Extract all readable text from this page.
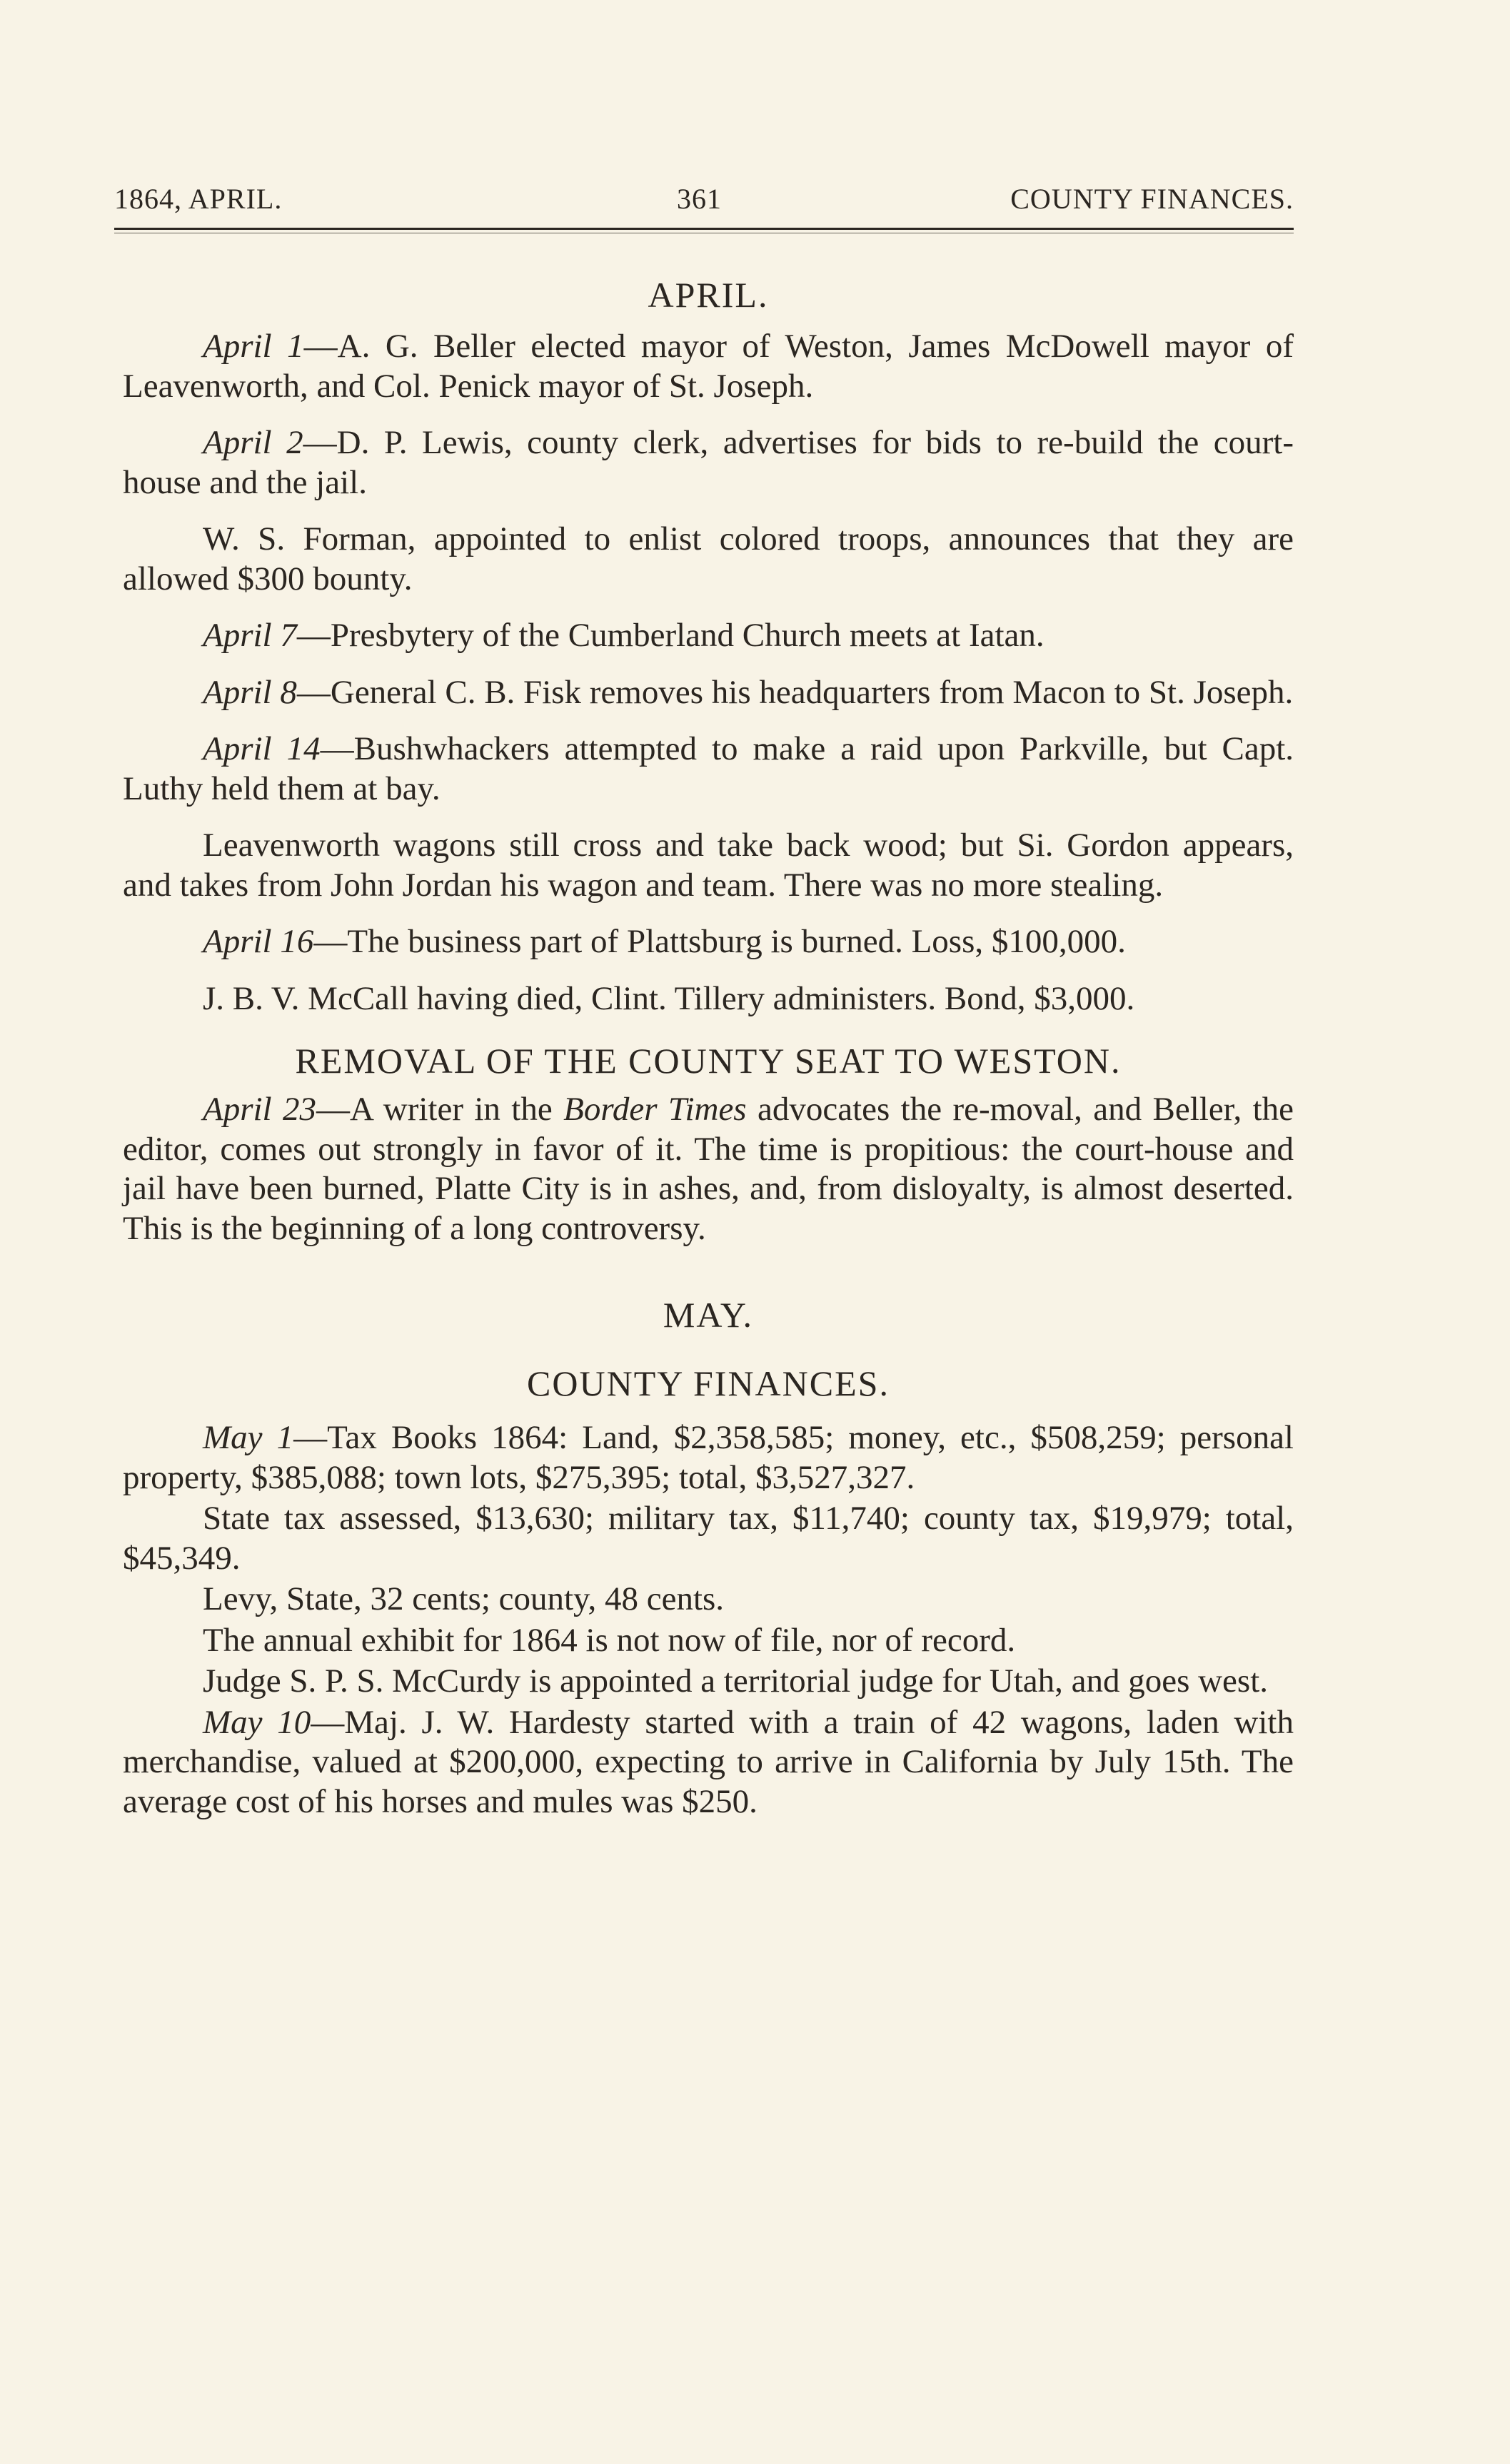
1864, APRIL.	361	COUNTY FINANCES.
APRIL.

April 1—A. G. Beller elected mayor of Weston, James McDowell mayor of Leavenworth, and Col. Penick mayor of St. Joseph.

April 2—D. P. Lewis, county clerk, advertises for bids to re-build the court-house and the jail.

W. S. Forman, appointed to enlist colored troops, announces that they are allowed $300 bounty.

April 7—Presbytery of the Cumberland Church meets at Iatan.

April 8—General C. B. Fisk removes his headquarters from Macon to St. Joseph.

April 14—Bushwhackers attempted to make a raid upon Parkville, but Capt. Luthy held them at bay.

Leavenworth wagons still cross and take back wood; but Si. Gordon appears, and takes from John Jordan his wagon and team. There was no more stealing.

April 16—The business part of Plattsburg is burned. Loss, $100,000.

J. B. V. McCall having died, Clint. Tillery administers. Bond, $3,000.

REMOVAL OF THE COUNTY SEAT TO WESTON.

April 23—A writer in the Border Times advocates the re-moval, and Beller, the editor, comes out strongly in favor of it. The time is propitious: the court-house and jail have been burned, Platte City is in ashes, and, from disloyalty, is almost deserted. This is the beginning of a long controversy.

MAY.
COUNTY FINANCES.

May 1—Tax Books 1864: Land, $2,358,585; money, etc., $508,259; personal property, $385,088; town lots, $275,395; total, $3,527,327.

State tax assessed, $13,630; military tax, $11,740; county tax, $19,979; total, $45,349.

Levy, State, 32 cents; county, 48 cents.

The annual exhibit for 1864 is not now of file, nor of record.

Judge S. P. S. McCurdy is appointed a territorial judge for Utah, and goes west.

May 10—Maj. J. W. Hardesty started with a train of 42 wagons, laden with merchandise, valued at $200,000, expecting to arrive in California by July 15th. The average cost of his horses and mules was $250.
